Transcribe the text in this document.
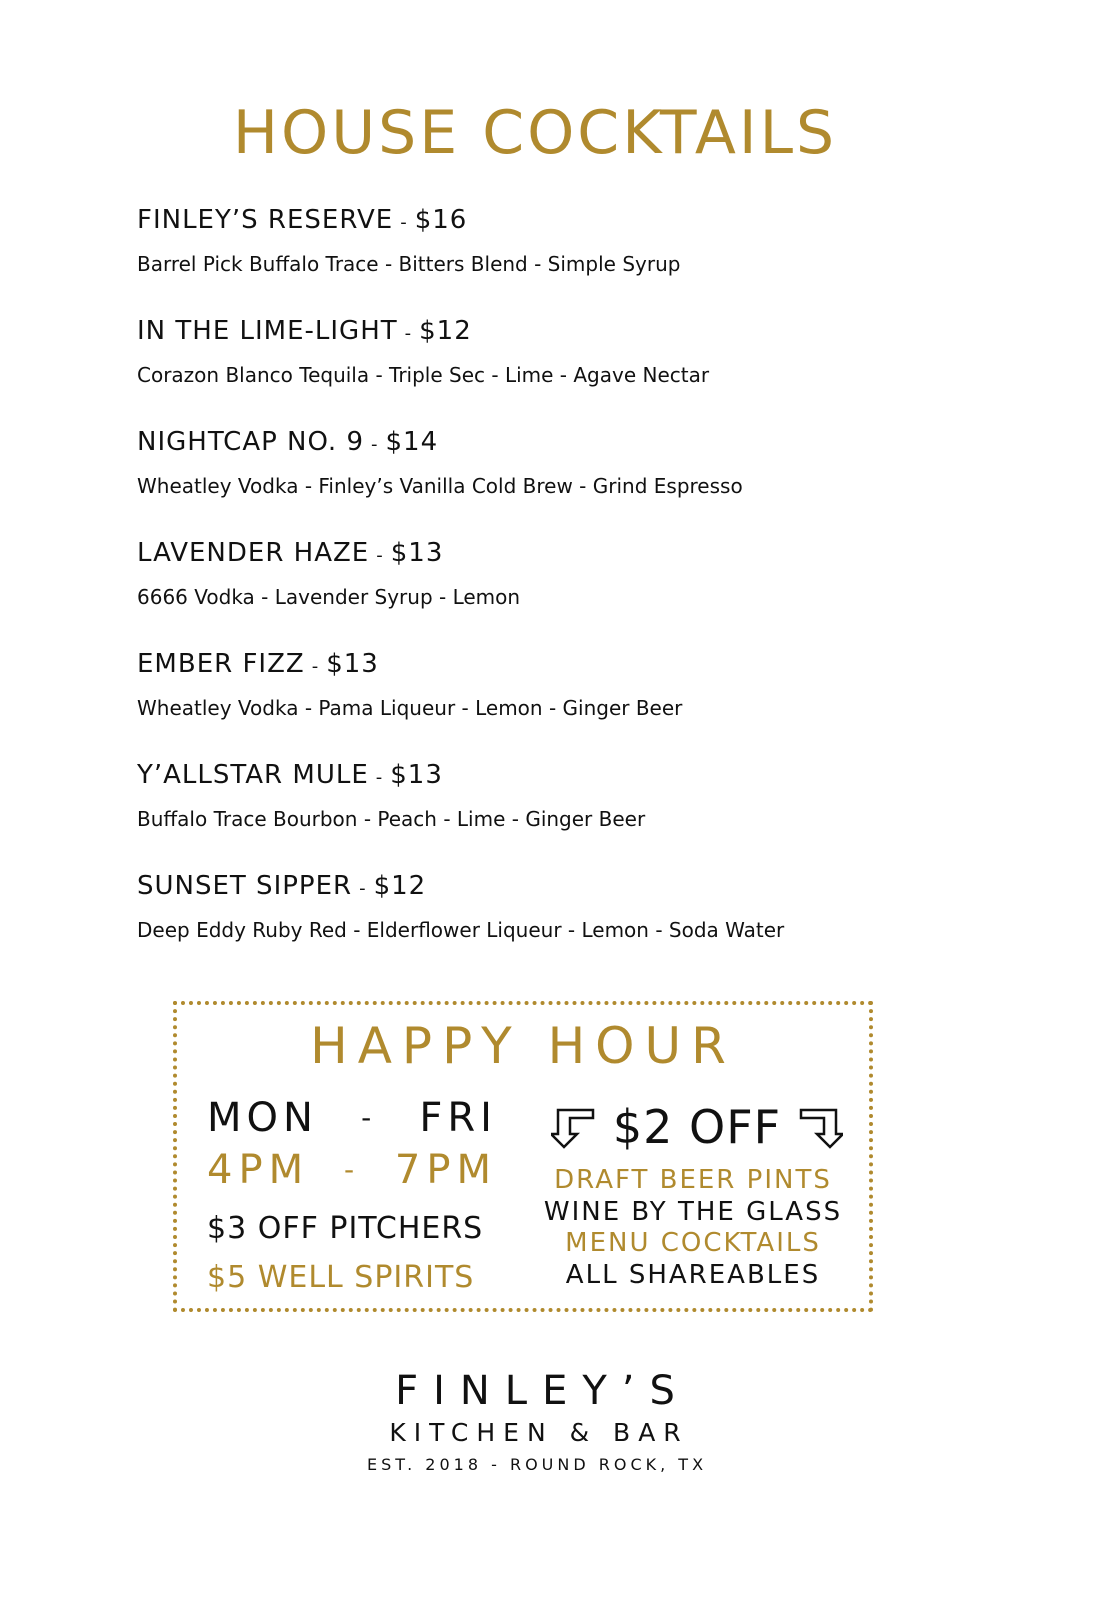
HOUSE COCKTAILS
FINLEY’S RESERVE - $16
Barrel Pick Buffalo Trace - Bitters Blend - Simple Syrup
IN THE LIME-LIGHT - $12
Corazon Blanco Tequila - Triple Sec - Lime - Agave Nectar
NIGHTCAP NO. 9 - $14
Wheatley Vodka - Finley’s Vanilla Cold Brew - Grind Espresso
LAVENDER HAZE - $13
6666 Vodka - Lavender Syrup - Lemon
EMBER FIZZ - $13
Wheatley Vodka - Pama Liqueur - Lemon - Ginger Beer
Y’ALLSTAR MULE - $13
Buffalo Trace Bourbon - Peach - Lime - Ginger Beer
SUNSET SIPPER - $12
Deep Eddy Ruby Red - Elderflower Liqueur - Lemon - Soda Water
HAPPY HOUR
MON - FRI
4PM - 7PM
$3 OFF PITCHERS
$5 WELL SPIRITS
$2 OFF
DRAFT BEER PINTS
WINE BY THE GLASS
MENU COCKTAILS
ALL SHAREABLES
FINLEY’S
KITCHEN & BAR
EST. 2018 - ROUND ROCK, TX
